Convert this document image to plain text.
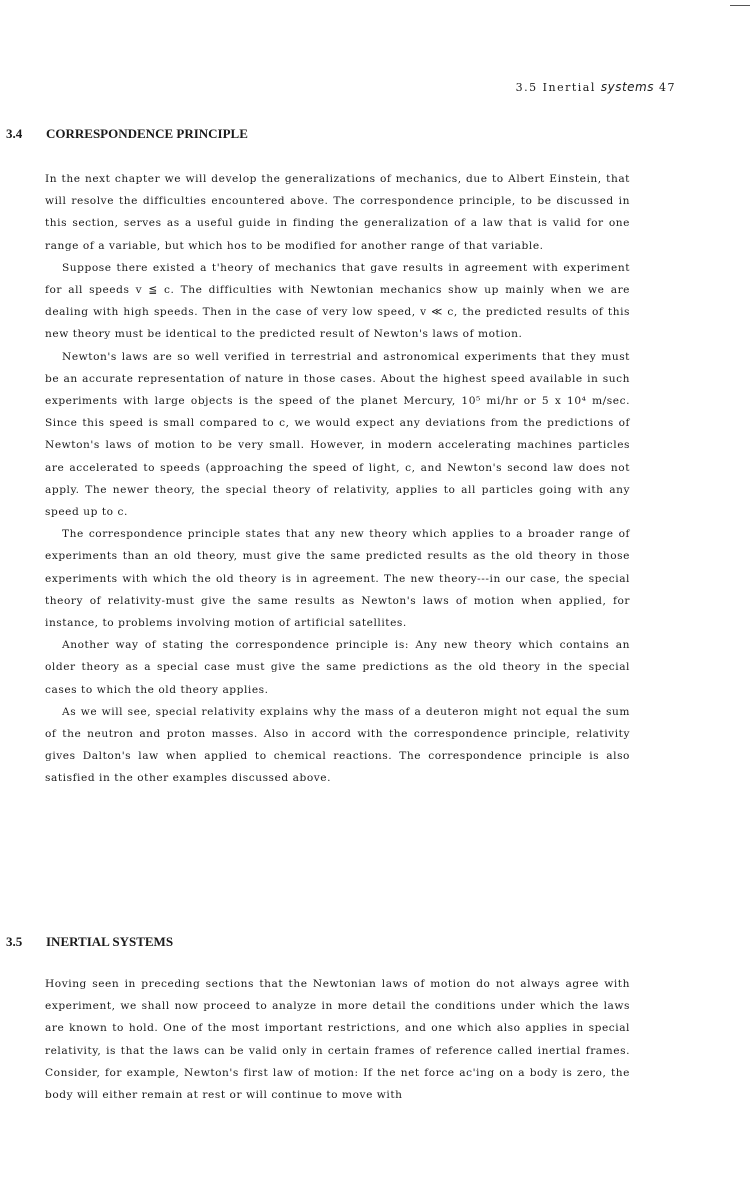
3.5 Inertial systems 47
3.4 CORRESPONDENCE PRINCIPLE

In the next chapter we will develop the generalizations of mechanics, due to Albert Einstein, that will resolve the difficulties encountered above. The correspondence principle, to be discussed in this section, serves as a useful guide in finding the generalization of a law that is valid for one range of a variable, but which hos to be modified for another range of that variable.

Suppose there existed a t'heory of mechanics that gave results in agreement with experiment for all speeds v ≦ c. The difficulties with Newtonian mechanics show up mainly when we are dealing with high speeds. Then in the case of very low speed, v ≪ c, the predicted results of this new theory must be identical to the predicted result of Newton's laws of motion.

Newton's laws are so well verified in terrestrial and astronomical experiments that they must be an accurate representation of nature in those cases. About the highest speed available in such experiments with large objects is the speed of the planet Mercury, 10⁵ mi/hr or 5 x 10⁴ m/sec. Since this speed is small compared to c, we would expect any deviations from the predictions of Newton's laws of motion to be very small. However, in modern accelerating machines particles are accelerated to speeds (approaching the speed of light, c, and Newton's second law does not apply. The newer theory, the special theory of relativity, applies to all particles going with any speed up to c.

The correspondence principle states that any new theory which applies to a broader range of experiments than an old theory, must give the same predicted results as the old theory in those experiments with which the old theory is in agreement. The new theory---in our case, the special theory of relativity-must give the same results as Newton's laws of motion when applied, for instance, to problems involving motion of artificial satellites.

Another way of stating the correspondence principle is: Any new theory which contains an older theory as a special case must give the same predictions as the old theory in the special cases to which the old theory applies.

As we will see, special relativity explains why the mass of a deuteron might not equal the sum of the neutron and proton masses. Also in accord with the correspondence principle, relativity gives Dalton's law when applied to chemical reactions. The correspondence principle is also satisfied in the other examples discussed above.

3.5 INERTIAL SYSTEMS

Hoving seen in preceding sections that the Newtonian laws of motion do not always agree with experiment, we shall now proceed to analyze in more detail the conditions under which the laws are known to hold. One of the most important restrictions, and one which also applies in special relativity, is that the laws can be valid only in certain frames of reference called inertial frames. Consider, for example, Newton's first law of motion: If the net force ac'ing on a body is zero, the body will either remain at rest or will continue to move with
